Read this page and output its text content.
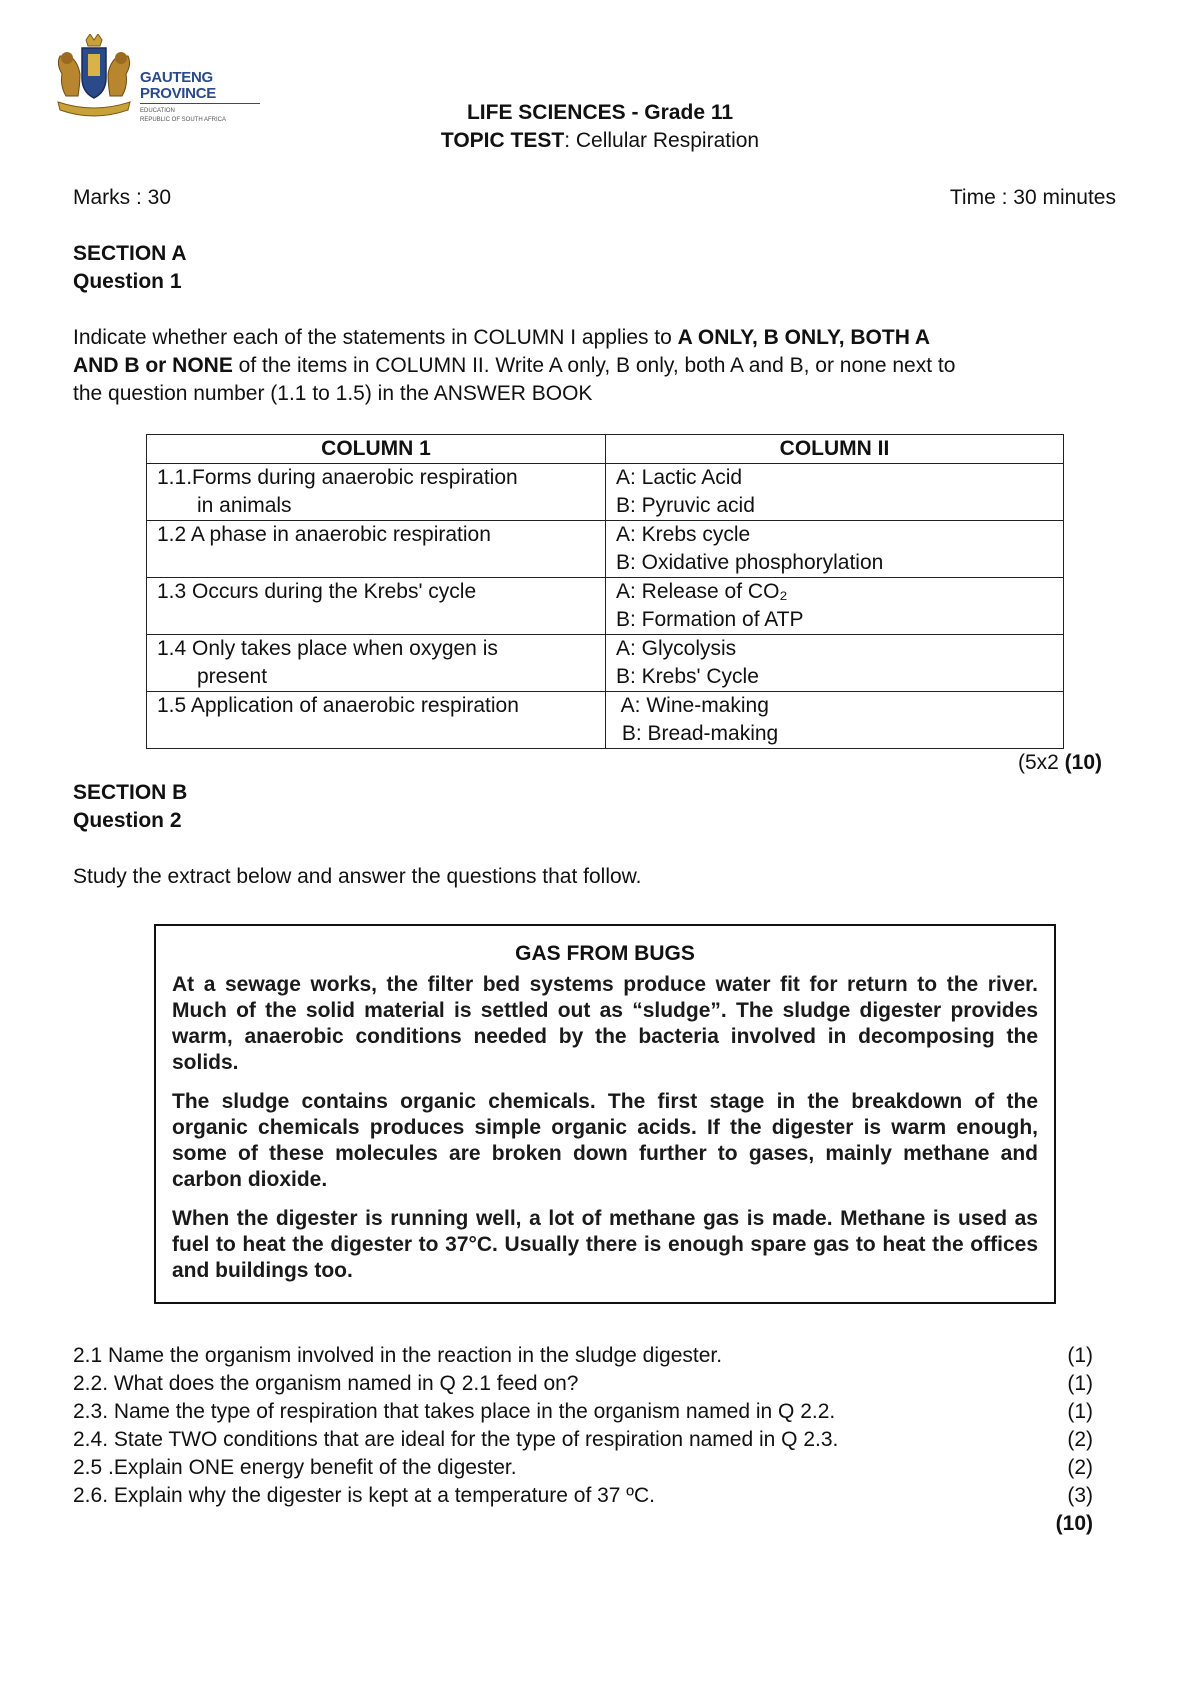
GAUTENG PROVINCE
EDUCATION
REPUBLIC OF SOUTH AFRICA	LIFE SCIENCES - Grade 11
TOPIC TEST: Cellular Respiration
Marks : 30	Time : 30 minutes
SECTION A
Question 1
Indicate whether each of the statements in COLUMN I applies to A ONLY, B ONLY, BOTH A
AND B or NONE of the items in COLUMN II. Write A only, B only, both A and B, or none next to
the question number (1.1 to 1.5) in the ANSWER BOOK
COLUMN 1	COLUMN II
1.1.Forms during anaerobic respiration
in animals	A: Lactic Acid
B: Pyruvic acid

1.2 A phase in anaerobic respiration	A: Krebs cycle
B: Oxidative phosphorylation

1.3 Occurs during the Krebs' cycle	A: Release of CO₂
B: Formation of ATP

1.4 Only takes place when oxygen is
present	A: Glycolysis
B: Krebs' Cycle

1.5 Application of anaerobic respiration	A: Wine-making
B: Bread-making
(5x2 (10)
SECTION B
Question 2
Study the extract below and answer the questions that follow.
GAS FROM BUGS

At a sewage works, the filter bed systems produce water fit for return to the river. Much of the solid material is settled out as “sludge”. The sludge digester provides warm, anaerobic conditions needed by the bacteria involved in decomposing the solids.

The sludge contains organic chemicals. The first stage in the breakdown of the organic chemicals produces simple organic acids. If the digester is warm enough, some of these molecules are broken down further to gases, mainly methane and carbon dioxide.

When the digester is running well, a lot of methane gas is made. Methane is used as fuel to heat the digester to 37°C. Usually there is enough spare gas to heat the offices and buildings too.

2.1 Name the organism involved in the reaction in the sludge digester.	(1)
2.2. What does the organism named in Q 2.1 feed on?	(1)
2.3. Name the type of respiration that takes place in the organism named in Q 2.2.	(1)
2.4. State TWO conditions that are ideal for the type of respiration named in Q 2.3.	(2)
2.5 .Explain ONE energy benefit of the digester.	(2)
2.6. Explain why the digester is kept at a temperature of 37 ºC.	(3)
(10)
